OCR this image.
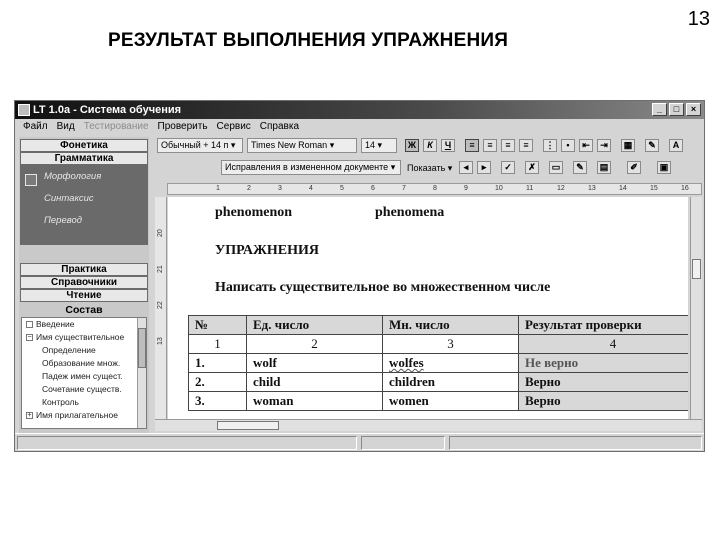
13
РЕЗУЛЬТАТ ВЫПОЛНЕНИЯ УПРАЖНЕНИЯ
LT 1.0a - Система обучения	_	□	×
Файл Вид Тестирование Проверить Сервис Справка
Фонетика
Грамматика
Морфология
Синтаксис
Перевод
Практика
Справочники
Чтение
Состав
Введение
− Имя существительное
Определение
Образование множ.
Падеж имен сущест.
Сочетание существ.
Контроль
+ Имя прилагательное
Обычный + 14 п ▾	Times New Roman ▾	14 ▾	Ж	К	Ч	≡	≡	≡	≡	⋮	•	⇤	⇥	▦	✎	A
Исправления в измененном документе ▾	Показать ▾	◂	▸	✓	✗	▭	✎	▤	✐	▣
1	2	3	4	5	6	7	8	9	10	11	12	13	14	15	16
20
21
22
13
phenomenon	phenomena
УПРАЖНЕНИЯ
Написать существительное во множественном числе
№	Ед. число	Мн. число	Результат проверки
1	2	3	4
1.	wolf	wolfes	Не верно
2.	child	children	Верно
3.	woman	women	Верно
